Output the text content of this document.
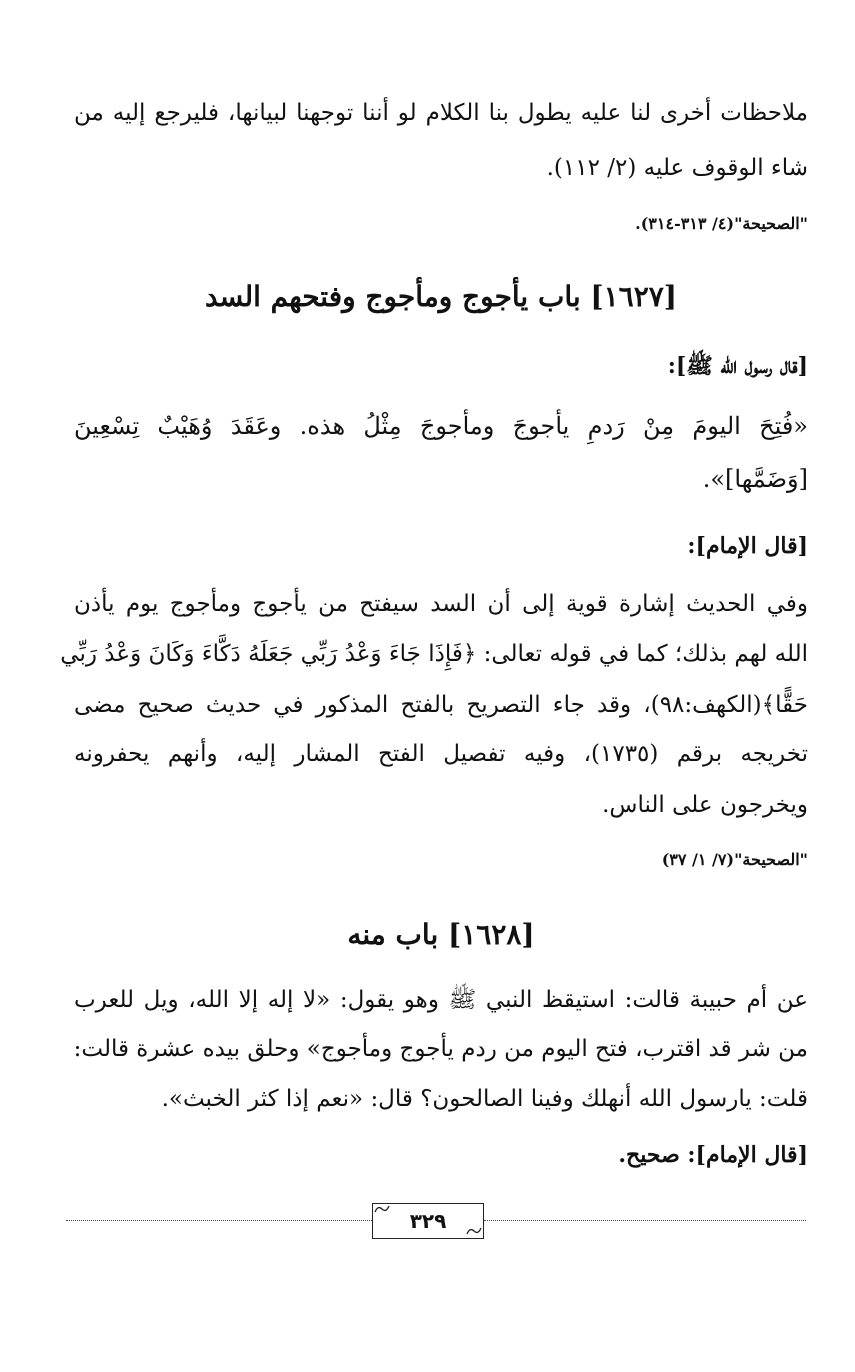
ملاحظات أخرى لنا عليه يطول بنا الكلام لو أننا توجهنا لبيانها، فليرجع إليه من
شاء الوقوف عليه (٢/ ١١٢).
"الصحيحة"(٤/ ٣١٣-٣١٤).
[١٦٢٧] باب يأجوج ومأجوج وفتحهم السد
[قال رسول الله ﷺ]:
«فُتِحَ اليومَ مِنْ رَدمِ يأجوجَ ومأجوجَ مِثْلُ هذه. وعَقَدَ وُهَيْبٌ تِسْعِينَ
[وَضَمَّها]».
[قال الإمام]:
وفي الحديث إشارة قوية إلى أن السد سيفتح من يأجوج ومأجوج يوم يأذن
الله لهم بذلك؛ كما في قوله تعالى: ﴿فَإِذَا جَاءَ وَعْدُ رَبِّي جَعَلَهُ دَكَّاءَ وَكَانَ وَعْدُ رَبِّي
حَقًّا﴾(الكهف:٩٨)، وقد جاء التصريح بالفتح المذكور في حديث صحيح مضى
تخريجه برقم (١٧٣٥)، وفيه تفصيل الفتح المشار إليه، وأنهم يحفرونه
ويخرجون على الناس.
"الصحيحة"(٧/ ١/ ٣٧)
[١٦٢٨] باب منه
عن أم حبيبة قالت: استيقظ النبي ﷺ وهو يقول: «لا إله إلا الله، ويل للعرب
من شر قد اقترب، فتح اليوم من ردم يأجوج ومأجوج» وحلق بيده عشرة قالت:
قلت: يارسول الله أنهلك وفينا الصالحون؟ قال: «نعم إذا كثر الخبث».
[قال الإمام]: صحيح.
٣٢٩
